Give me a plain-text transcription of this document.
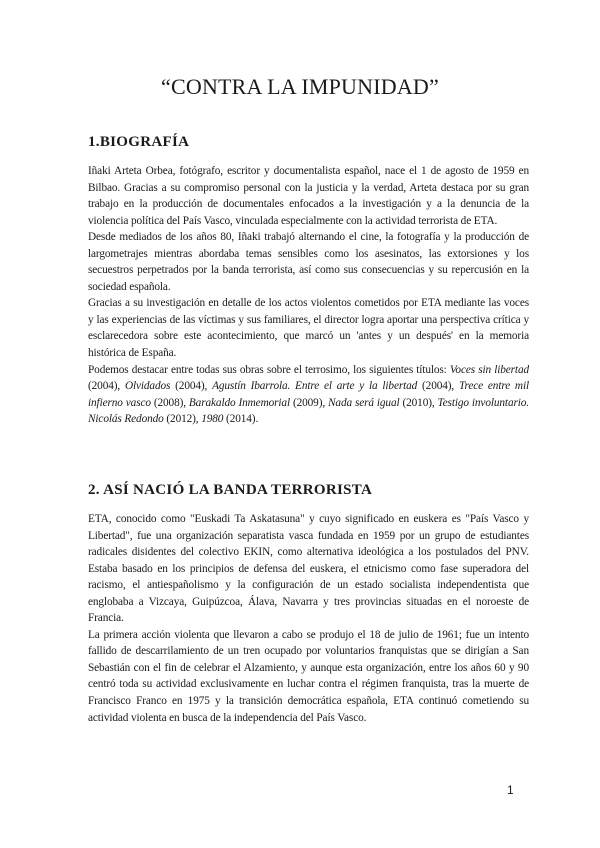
“CONTRA LA IMPUNIDAD”
1.BIOGRAFÍA
Iñaki Arteta Orbea, fotógrafo, escritor y documentalista español, nace el 1 de agosto de 1959 en
Bilbao. Gracias a su compromiso personal con la justicia y la verdad, Arteta destaca por su gran
trabajo en la producción de documentales enfocados a la investigación y a la denuncia de la
violencia política del País Vasco, vinculada especialmente con la actividad terrorista de ETA.
Desde mediados de los años 80, Iñaki trabajó alternando el cine, la fotografía y la producción de
largometrajes mientras abordaba temas sensibles como los asesinatos, las extorsiones y los
secuestros perpetrados por la banda terrorista, así como sus consecuencias y su repercusión en la
sociedad española.
Gracias a su investigación en detalle de los actos violentos cometidos por ETA mediante las voces
y las experiencias de las víctimas y sus familiares, el director logra aportar una perspectiva crítica y
esclarecedora sobre este acontecimiento, que marcó un 'antes y un después' en la memoria
histórica de España.
Podemos destacar entre todas sus obras sobre el terrosimo, los siguientes títulos: Voces sin libertad
(2004), Olvidados (2004), Agustín Ibarrola. Entre el arte y la libertad (2004), Trece entre mil
infierno vasco (2008), Barakaldo Inmemorial (2009), Nada será igual (2010), Testigo involuntario.
Nicolás Redondo (2012), 1980 (2014).
2. ASÍ NACIÓ LA BANDA TERRORISTA
ETA, conocido como "Euskadi Ta Askatasuna" y cuyo significado en euskera es "País Vasco y
Libertad", fue una organización separatista vasca fundada en 1959 por un grupo de estudiantes
radicales disidentes del colectivo EKIN, como alternativa ideológica a los postulados del PNV.
Estaba basado en los principios de defensa del euskera, el etnicismo como fase superadora del
racismo, el antiespañolismo y la configuración de un estado socialista independentista que
englobaba a Vizcaya, Guipúzcoa, Álava, Navarra y tres provincias situadas en el noroeste de
Francia.
La primera acción violenta que llevaron a cabo se produjo el 18 de julio de 1961; fue un intento
fallido de descarrilamiento de un tren ocupado por voluntarios franquistas que se dirigían a San
Sebastián con el fin de celebrar el Alzamiento, y aunque esta organización, entre los años 60 y 90
centró toda su actividad exclusivamente en luchar contra el régimen franquista, tras la muerte de
Francisco Franco en 1975 y la transición democrática española, ETA continuó cometiendo su
actividad violenta en busca de la independencia del País Vasco.
1
